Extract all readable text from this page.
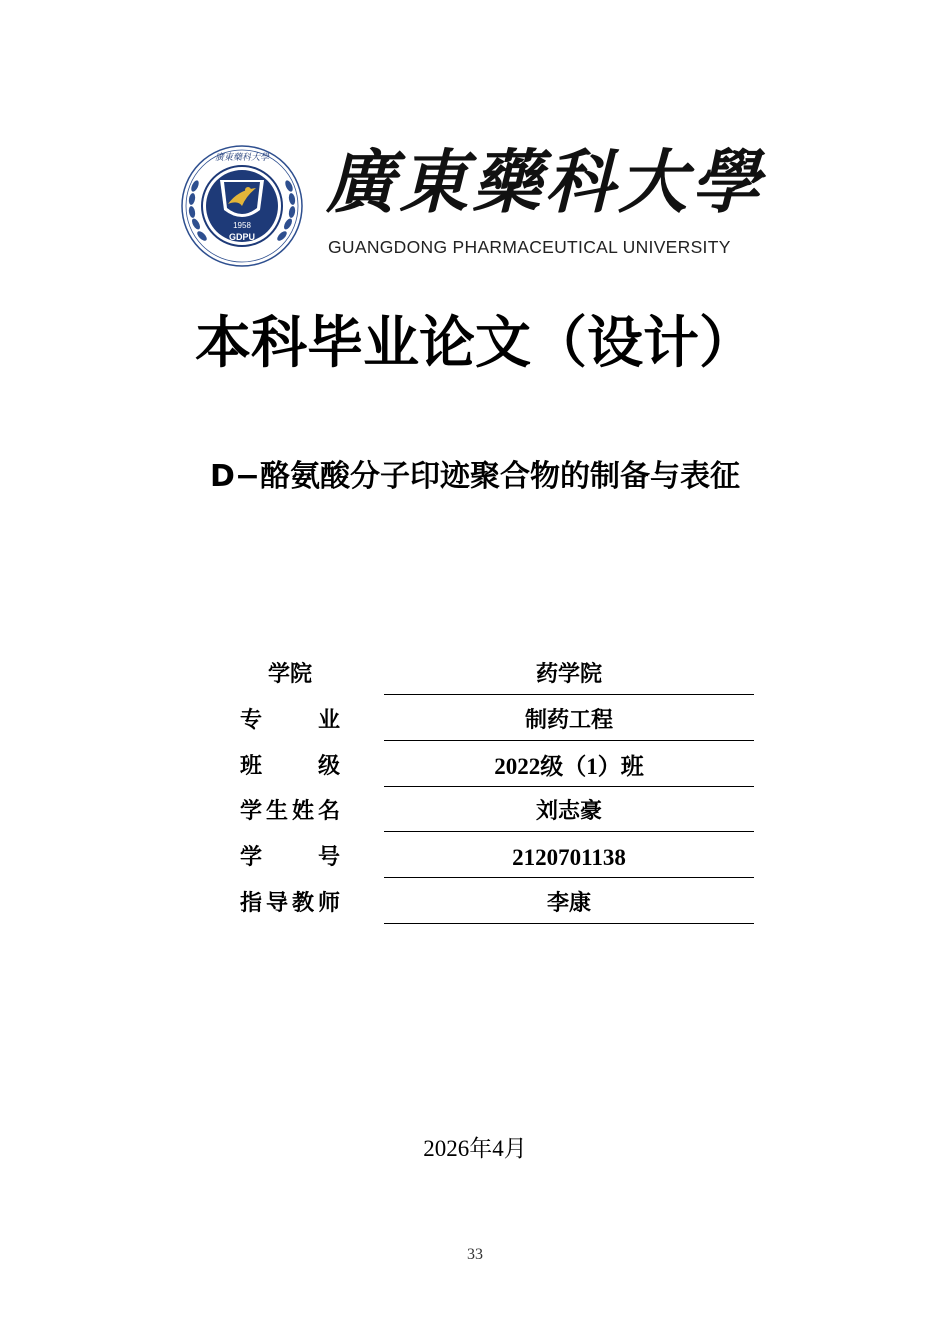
廣東藥科大學
1958
GDPU
廣東藥科大學
GUANGDONG PHARMACEUTICAL UNIVERSITY
本科毕业论文（设计）
D−酪氨酸分子印迹聚合物的制备与表征
学院	药学院
专业	制药工程
班级	2022级（1）班
学生姓名	刘志豪
学号	2120701138
指导教师	李康
2026年4月
33
